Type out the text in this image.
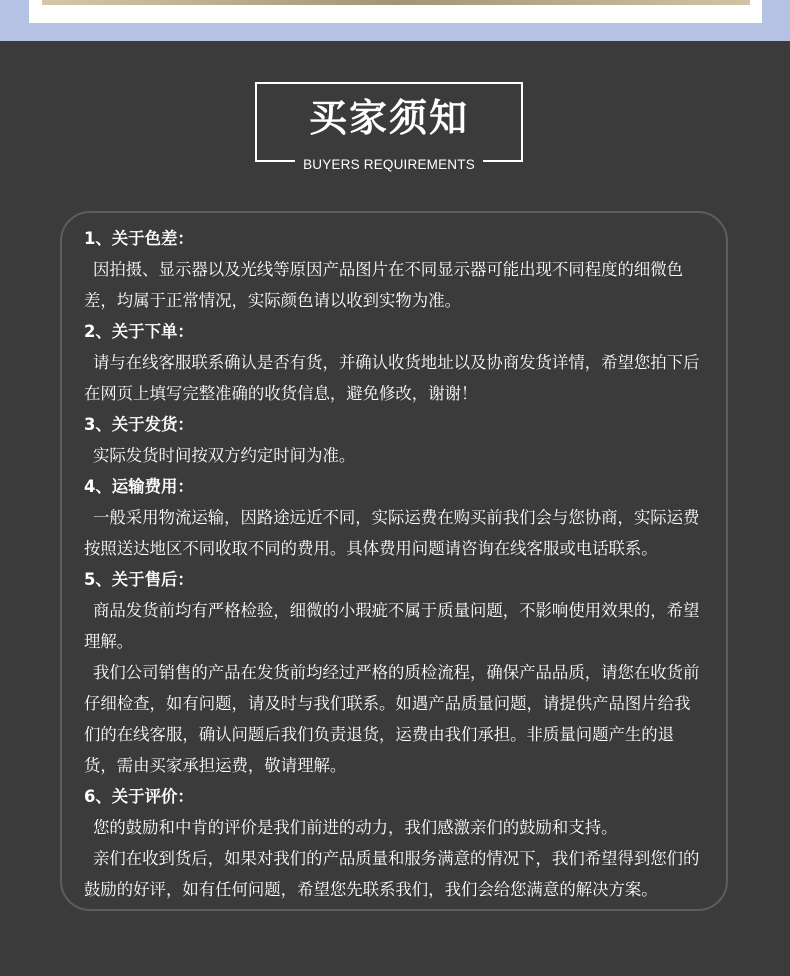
买家须知
BUYERS REQUIREMENTS

1、关于色差：

因拍摄、显示器以及光线等原因产品图片在不同显示器可能出现不同程度的细微色差，均属于正常情况，实际颜色请以收到实物为准。

2、关于下单：

请与在线客服联系确认是否有货，并确认收货地址以及协商发货详情，希望您拍下后在网页上填写完整准确的收货信息，避免修改，谢谢！

3、关于发货：

实际发货时间按双方约定时间为准。

4、运输费用：

一般采用物流运输，因路途远近不同，实际运费在购买前我们会与您协商，实际运费按照送达地区不同收取不同的费用。具体费用问题请咨询在线客服或电话联系。

5、关于售后：

商品发货前均有严格检验，细微的小瑕疵不属于质量问题，不影响使用效果的，希望理解。

我们公司销售的产品在发货前均经过严格的质检流程，确保产品品质，请您在收货前仔细检查，如有问题，请及时与我们联系。如遇产品质量问题，请提供产品图片给我们的在线客服，确认问题后我们负责退货，运费由我们承担。非质量问题产生的退货，需由买家承担运费，敬请理解。

6、关于评价：

您的鼓励和中肯的评价是我们前进的动力，我们感激亲们的鼓励和支持。

亲们在收到货后，如果对我们的产品质量和服务满意的情况下，我们希望得到您们的鼓励的好评，如有任何问题，希望您先联系我们，我们会给您满意的解决方案。
